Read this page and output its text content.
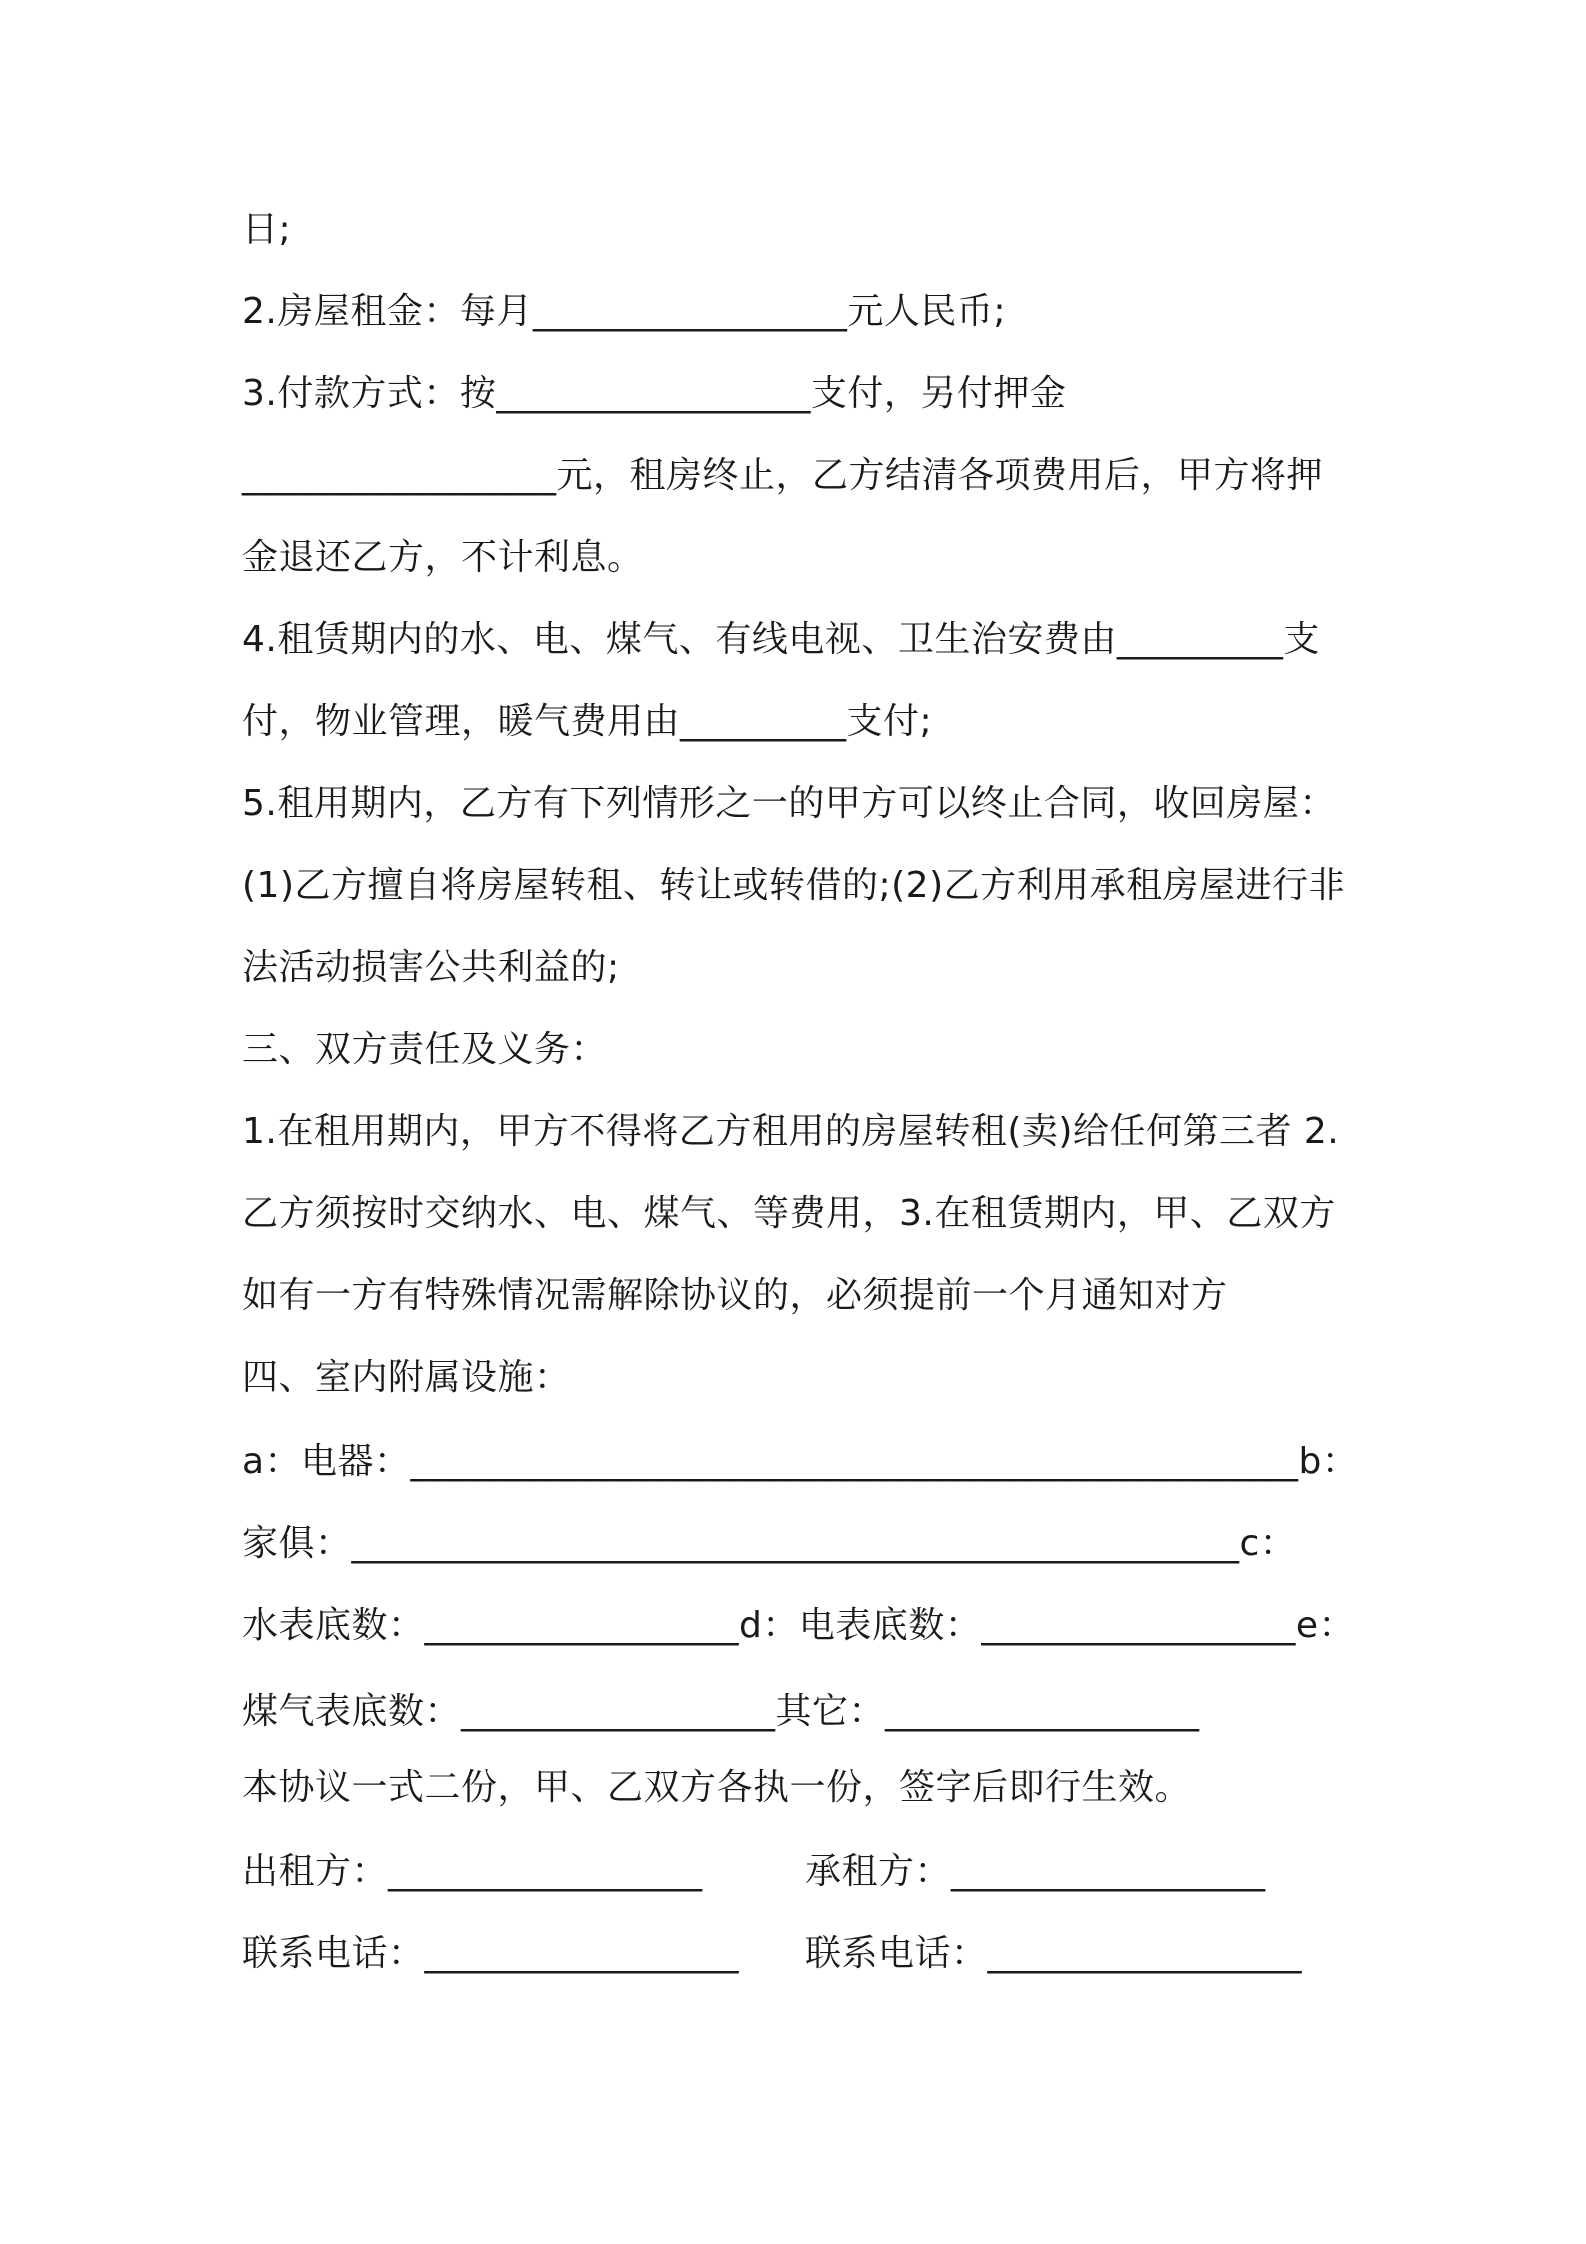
日;
2.房屋租金：每月_________________元人民币;
3.付款方式：按_________________支付，另付押金
_________________元，租房终止，乙方结清各项费用后，甲方将押
金退还乙方，不计利息。
4.租赁期内的水、电、煤气、有线电视、卫生治安费由_________支
付，物业管理，暖气费用由_________支付;
5.租用期内，乙方有下列情形之一的甲方可以终止合同，收回房屋：
(1)乙方擅自将房屋转租、转让或转借的;(2)乙方利用承租房屋进行非
法活动损害公共利益的;
三、双方责任及义务：
1.在租用期内，甲方不得将乙方租用的房屋转租(卖)给任何第三者 2.
乙方须按时交纳水、电、煤气、等费用，3.在租赁期内，甲、乙双方
如有一方有特殊情况需解除协议的，必须提前一个月通知对方
四、室内附属设施：
a：电器：________________________________________________b：
家俱：________________________________________________c：
水表底数：_________________d：电表底数：_________________e：
煤气表底数：_________________其它：_________________
本协议一式二份，甲、乙双方各执一份，签字后即行生效。
出租方：_________________	承租方：_________________
联系电话：_________________ 联系电话：_________________
